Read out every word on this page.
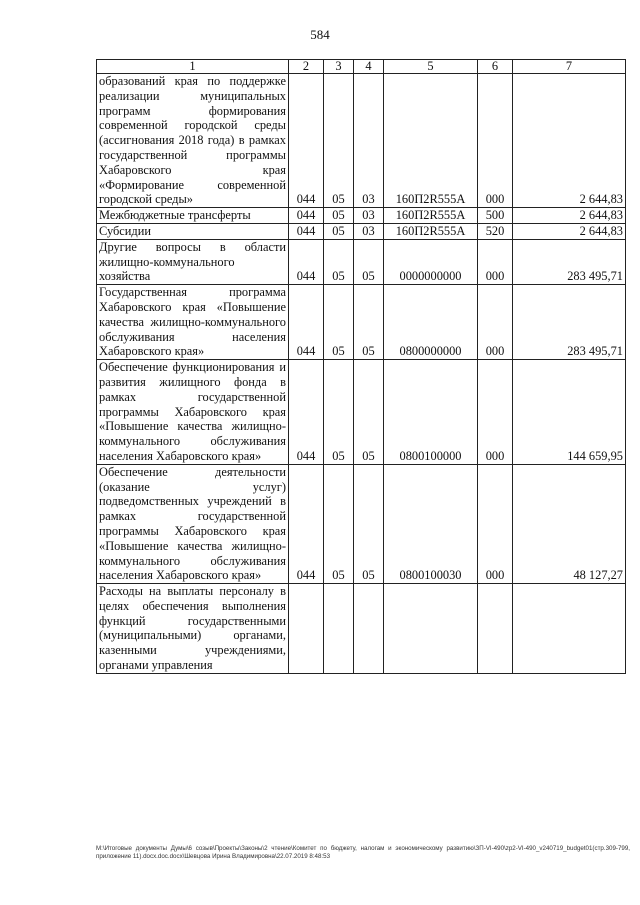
584
1	2	3	4	5	6	7
образований края по поддержке реализации муниципальных программ формирования современной городской среды (ассигнования 2018 года) в рамках государственной программы Хабаровского края «Формирование современной городской среды»	044	05	03	160П2R555А	000	2 644,83
Межбюджетные трансферты	044	05	03	160П2R555А	500	2 644,83
Субсидии	044	05	03	160П2R555А	520	2 644,83
Другие вопросы в области жилищно-коммунального хозяйства	044	05	05	0000000000	000	283 495,71
Государственная программа Хабаровского края «Повышение качества жилищно-коммунального обслуживания населения Хабаровского края»	044	05	05	0800000000	000	283 495,71
Обеспечение функционирования и развития жилищного фонда в рамках государственной программы Хабаровского края «Повышение качества жилищно-коммунального обслуживания населения Хабаровского края»	044	05	05	0800100000	000	144 659,95
Обеспечение деятельности (оказание услуг) подведомственных учреждений в рамках государственной программы Хабаровского края «Повышение качества жилищно-коммунального обслуживания населения Хабаровского края»	044	05	05	0800100030	000	48 127,27
Расходы на выплаты персоналу в целях обеспечения выполнения функций государственными (муниципальными) органами, казенными учреждениями, органами управления						
M:\Итоговые документы Думы\6 созыв\Проекты\Законы\2 чтение\Комитет по бюджету, налогам и экономическому развитию\ЗП-VI-490\zp2-VI-490_v240719_budget01(стр.309-799, приложение 11).docx.doc.docx\Шевцова Ирина Владимировна\22.07.2019 8:48:53
